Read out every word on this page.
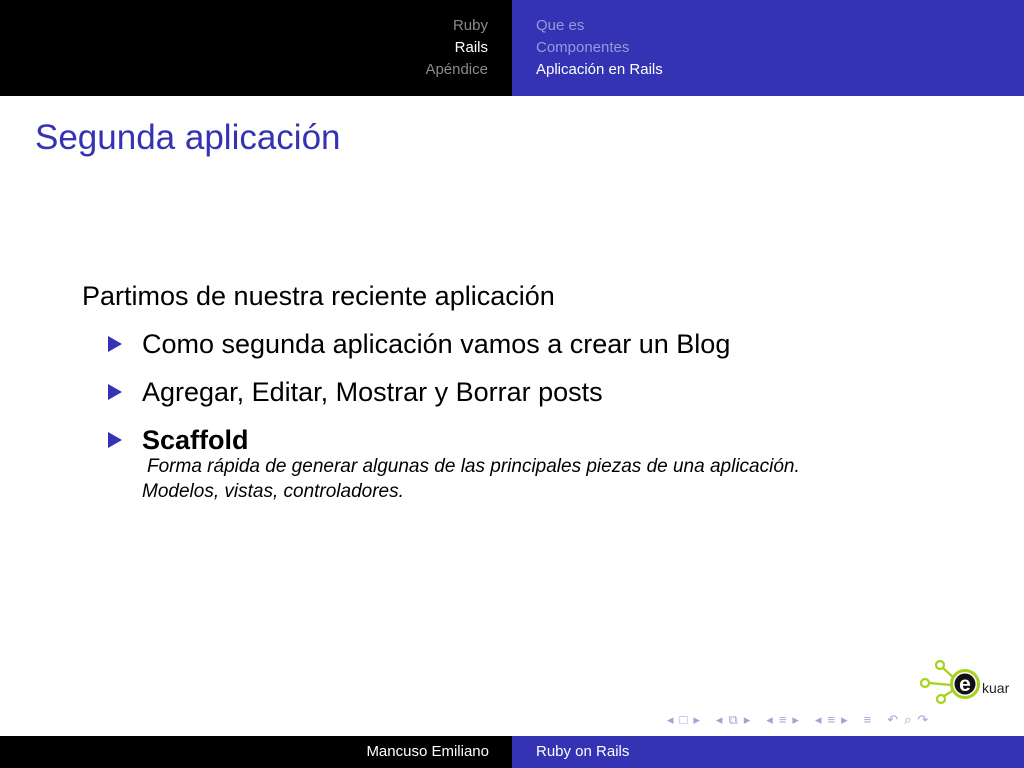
Ruby
Rails
Apéndice
Que es
Componentes
Aplicación en Rails
Segunda aplicación
Partimos de nuestra reciente aplicación
Como segunda aplicación vamos a crear un Blog
Agregar, Editar, Mostrar y Borrar posts
Scaffold
Forma rápida de generar algunas de las principales piezas de una aplicación.
Modelos, vistas, controladores.
e kuar
◂ □ ▸ ◂ ⧉ ▸ ◂ ≡ ▸ ◂ ≡ ▸ ≡ ↶ ⌕ ↷
Mancuso Emiliano	Ruby on Rails
